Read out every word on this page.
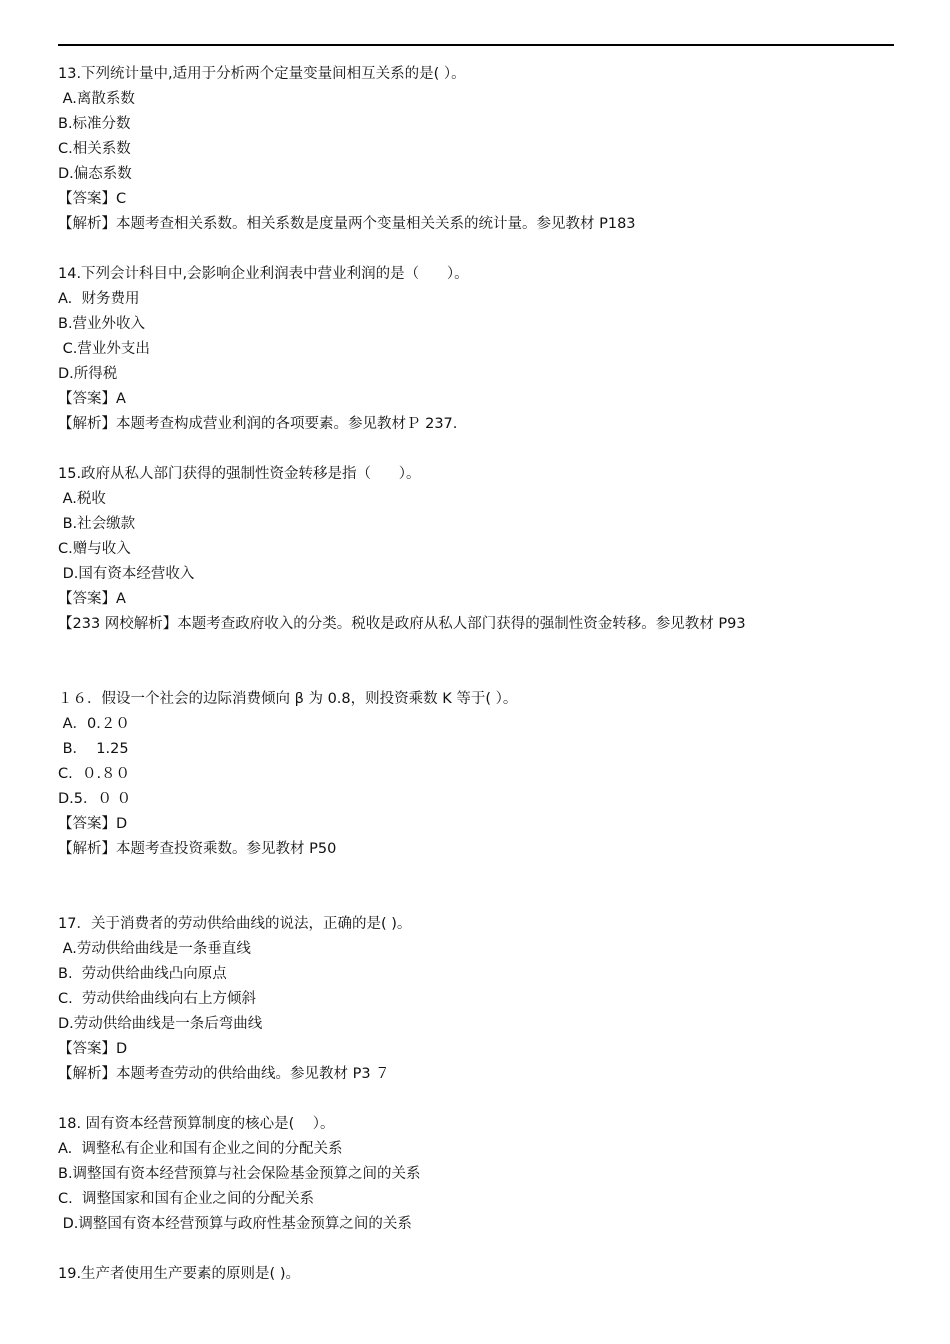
13.下列统计量中,适用于分析两个定量变量间相互关系的是( ）。
A.离散系数
B.标准分数
C.相关系数
D.偏态系数
【答案】C
【解析】本题考查相关系数。相关系数是度量两个变量相关关系的统计量。参见教材 P183
14.下列会计科目中,会影响企业利润表中营业利润的是（      ）。
A.  财务费用
B.营业外收入
C.营业外支出
D.所得税
【答案】A
【解析】本题考查构成营业利润的各项要素。参见教材Ｐ 237.
15.政府从私人部门获得的强制性资金转移是指（      ）。
A.税收
B.社会缴款
C.赠与收入
D.国有资本经营收入
【答案】A
【233 网校解析】本题考查政府收入的分类。税收是政府从私人部门获得的强制性资金转移。参见教材 P93
１６．假设一个社会的边际消费倾向 β 为 0.8，则投资乘数 K 等于( ）。
A．0.２０
B．  1.25
C.  ０.８０
D.5．０ ０
【答案】D
【解析】本题考查投资乘数。参见教材 P50
17．关于消费者的劳动供给曲线的说法，正确的是( )。
A.劳动供给曲线是一条垂直线
B.  劳动供给曲线凸向原点
C.  劳动供给曲线向右上方倾斜
D.劳动供给曲线是一条后弯曲线
【答案】D
【解析】本题考查劳动的供给曲线。参见教材 P3 ７
18. 固有资本经营预算制度的核心是(    ）。
A.  调整私有企业和国有企业之间的分配关系
B.调整国有资本经营预算与社会保险基金预算之间的关系
C.  调整国家和国有企业之间的分配关系
D.调整国有资本经营预算与政府性基金预算之间的关系
19.生产者使用生产要素的原则是( )。
